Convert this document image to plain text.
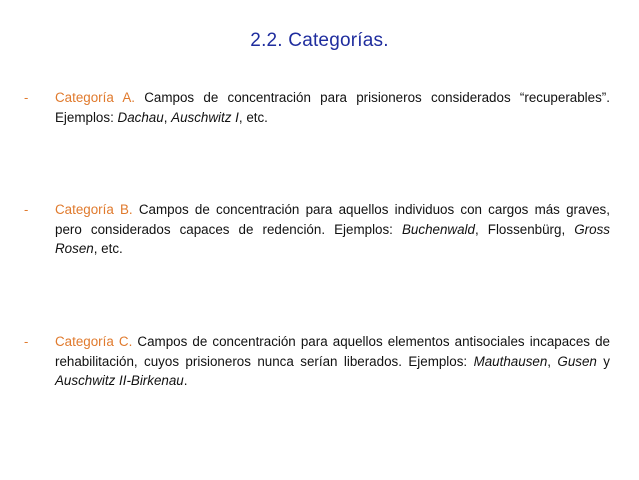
2.2. Categorías.
- Categoría A. Campos de concentración para prisioneros considerados “recuperables”. Ejemplos: Dachau, Auschwitz I, etc.
- Categoría B. Campos de concentración para aquellos individuos con cargos más graves, pero considerados capaces de redención. Ejemplos: Buchenwald, Flossenbürg, Gross Rosen, etc.
- Categoría C. Campos de concentración para aquellos elementos antisociales incapaces de rehabilitación, cuyos prisioneros nunca serían liberados. Ejemplos: Mauthausen, Gusen y Auschwitz II-Birkenau.
